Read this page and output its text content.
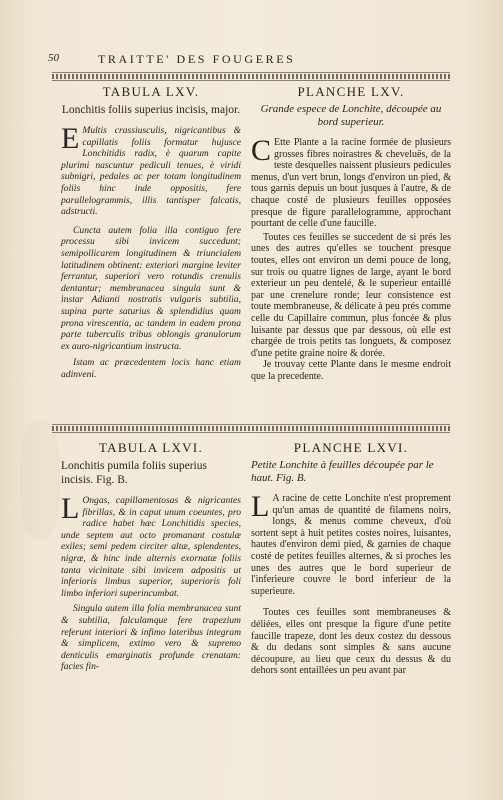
50	TRAITTE' DES FOUGERES
TABULA LXV.
Lonchitis foliis superius incisis, major.

E Multis crassiusculis, nigricantibus & capillatis foliis formatur hujusce Lonchitidis radix, è quarum capite plurimi nascuntur pediculi tenues, è viridi subnigri, pedales ac per totam longitudinem foliis hinc inde oppositis, fere parallelogrammis, illis tantisper falcatis, adstructi.

Cuncta autem folia illa contiguo fere processu sibi invicem succedunt; semipollicarem longitudinem & triuncialem latitudinem obtinent: exteriori margine leviter ferrantur, superiori vero rotundis crenulis dentantur; membranacea singula sunt & instar Adianti nostratis vulgaris subtilia, supina parte saturius & splendidius quam prona virescentia, ac tandem in eadem prona parte tuberculis tribus oblongis granulorum ex auro-nigricantium instructa.

Istam ac præcedentem locis hanc etiam adinveni.

PLANCHE LXV.
Grande espece de Lonchite, découpée au bord superieur.

C Ette Plante a la racine formée de plusieurs grosses fibres noirastres & cheveluës, de la teste desquelles naissent plusieurs pedicules menus, d'un vert brun, longs d'environ un pied, & tous garnis depuis un bout jusques à l'autre, & de chaque costé de plusieurs feuilles opposées presque de figure parallelogramme, approchant pourtant de celle d'une faucille.

Toutes ces feuilles se succedent de si prés les unes des autres qu'elles se touchent presque toutes, elles ont environ un demi pouce de long, sur trois ou quatre lignes de large, ayant le bord exterieur un peu dentelé, & le superieur entaillé par une crenelure ronde; leur consistence est toute membraneuse, & délicate à peu prés comme celle du Capillaire commun, plus foncée & plus luisante par dessus que par dessous, où elle est chargée de trois petits tas longuets, & composez d'une petite graine noire & dorée.

Je trouvay cette Plante dans le mesme endroit que la precedente.

TABULA LXVI.
Lonchitis pumila foliis superius incisis. Fig. B.

L Ongas, capillamentosas & nigricantes fibrillas, & in caput unum coeuntes, pro radice habet hæc Lonchitidis species, unde septem aut octo promanant costulæ exiles; semi pedem circiter altæ, splendentes, nigræ, & hinc inde alternis exornatæ foliis tanta vicinitate sibi invicem adpositis ut inferioris limbus superior, superioris foli limbo inferiori superincumbat.

Singula autem illa folia membranacea sunt & subtilia, falculamque fere trapezium referunt interiori & infimo lateribus integram & simplicem, extimo vero & supremo denticulis emarginatis profunde crenatam: facies fin-

PLANCHE LXVI.
Petite Lonchite à feuilles découpée par le haut. Fig. B.

L A racine de cette Lonchite n'est proprement qu'un amas de quantité de filamens noirs, longs, & menus comme cheveux, d'où sortent sept à huit petites costes noires, luisantes, hautes d'environ demi pied, & garnies de chaque costé de petites feuilles alternes, & si proches les unes des autres que le bord superieur de l'inferieure couvre le bord inferieur de la superieure.

Toutes ces feuilles sont membraneuses & déliées, elles ont presque la figure d'une petite faucille trapeze, dont les deux costez du dessous & du dedans sont simples & sans aucune découpure, au lieu que ceux du dessus & du dehors sont entaillées un peu avant par
